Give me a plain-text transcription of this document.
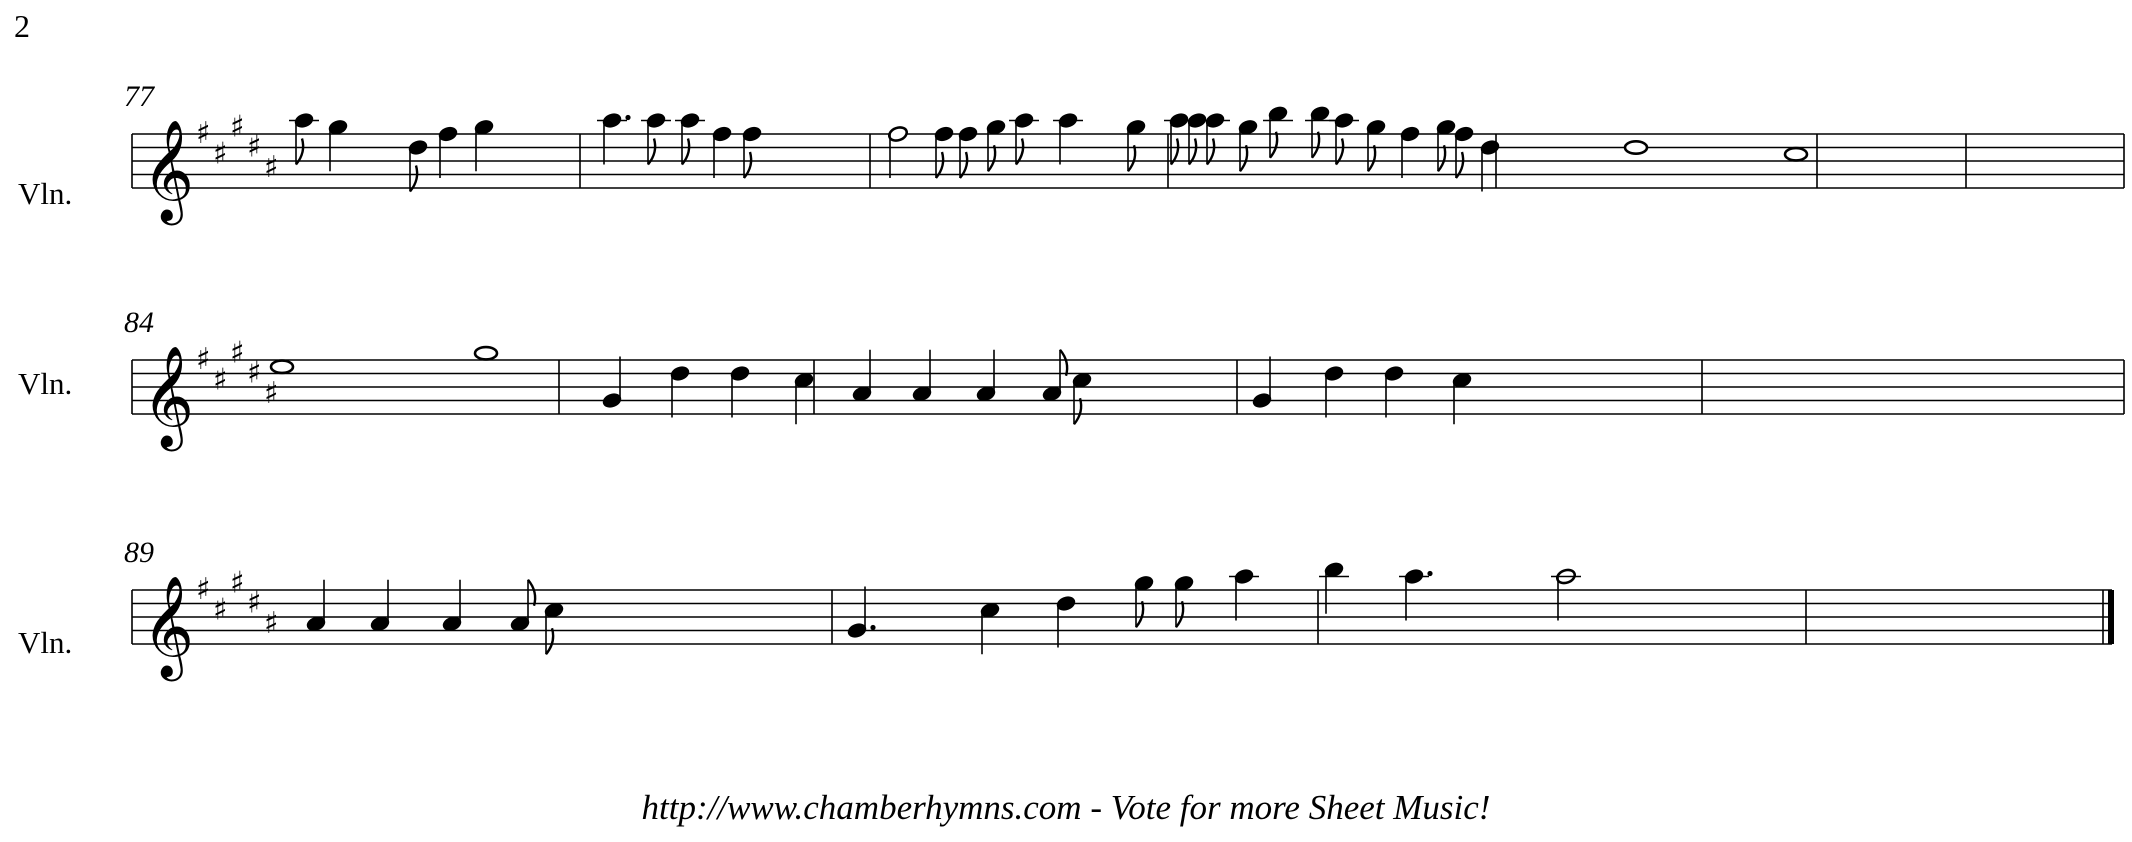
2
77
Vln. 𝄞 ♯
♯
♯
♯
♯
84
Vln. 𝄞 ♯
♯
♯
♯
♯
89
Vln. 𝄞 ♯
♯
♯
♯
♯
http://www.chamberhymns.com - Vote for more Sheet Music!
